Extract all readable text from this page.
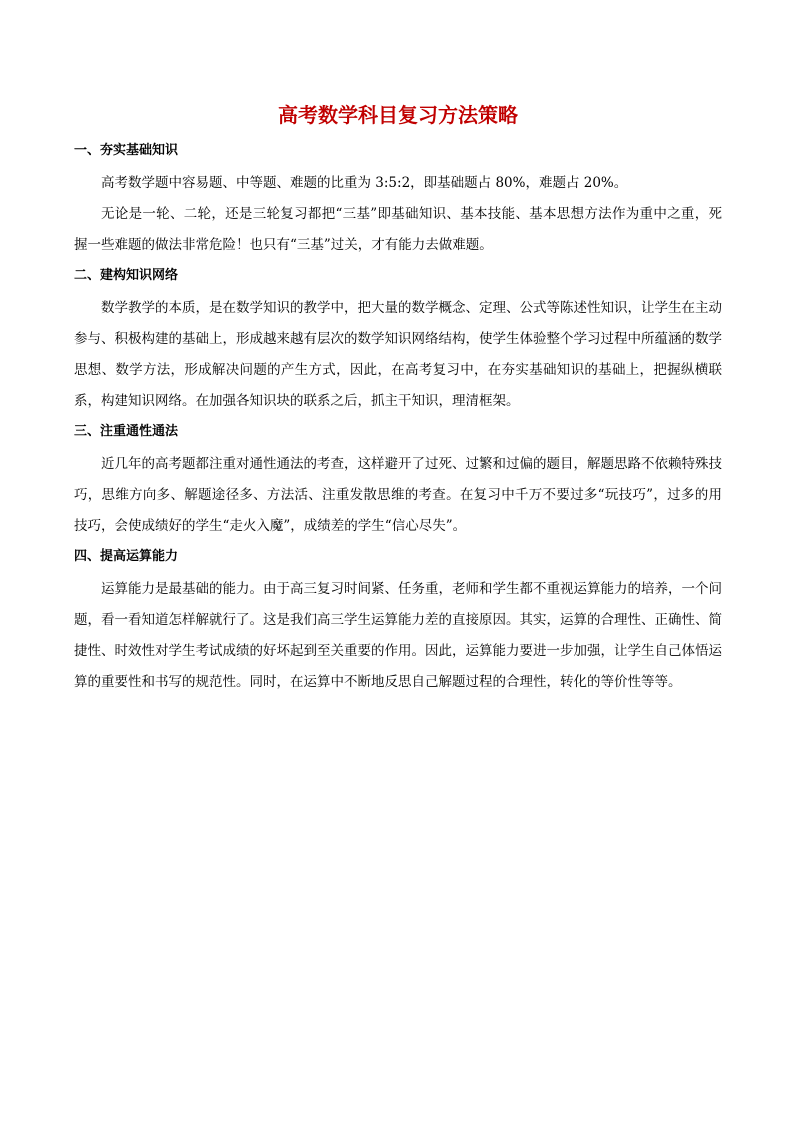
高考数学科目复习方法策略
一、夯实基础知识

高考数学题中容易题、中等题、难题的比重为 3:5:2，即基础题占 80%，难题占 20%。

无论是一轮、二轮，还是三轮复习都把“三基”即基础知识、基本技能、基本思想方法作为重中之重，死握一些难题的做法非常危险！也只有“三基”过关，才有能力去做难题。

二、建构知识网络

数学教学的本质，是在数学知识的教学中，把大量的数学概念、定理、公式等陈述性知识，让学生在主动参与、积极构建的基础上，形成越来越有层次的数学知识网络结构，使学生体验整个学习过程中所蕴涵的数学思想、数学方法，形成解决问题的产生方式，因此，在高考复习中，在夯实基础知识的基础上，把握纵横联系，构建知识网络。在加强各知识块的联系之后，抓主干知识，理清框架。

三、注重通性通法

近几年的高考题都注重对通性通法的考查，这样避开了过死、过繁和过偏的题目，解题思路不依赖特殊技巧，思维方向多、解题途径多、方法活、注重发散思维的考查。在复习中千万不要过多“玩技巧”，过多的用技巧，会使成绩好的学生“走火入魔”，成绩差的学生“信心尽失”。

四、提高运算能力

运算能力是最基础的能力。由于高三复习时间紧、任务重，老师和学生都不重视运算能力的培养，一个问题，看一看知道怎样解就行了。这是我们高三学生运算能力差的直接原因。其实，运算的合理性、正确性、简捷性、时效性对学生考试成绩的好坏起到至关重要的作用。因此，运算能力要进一步加强，让学生自己体悟运算的重要性和书写的规范性。同时，在运算中不断地反思自己解题过程的合理性，转化的等价性等等。
